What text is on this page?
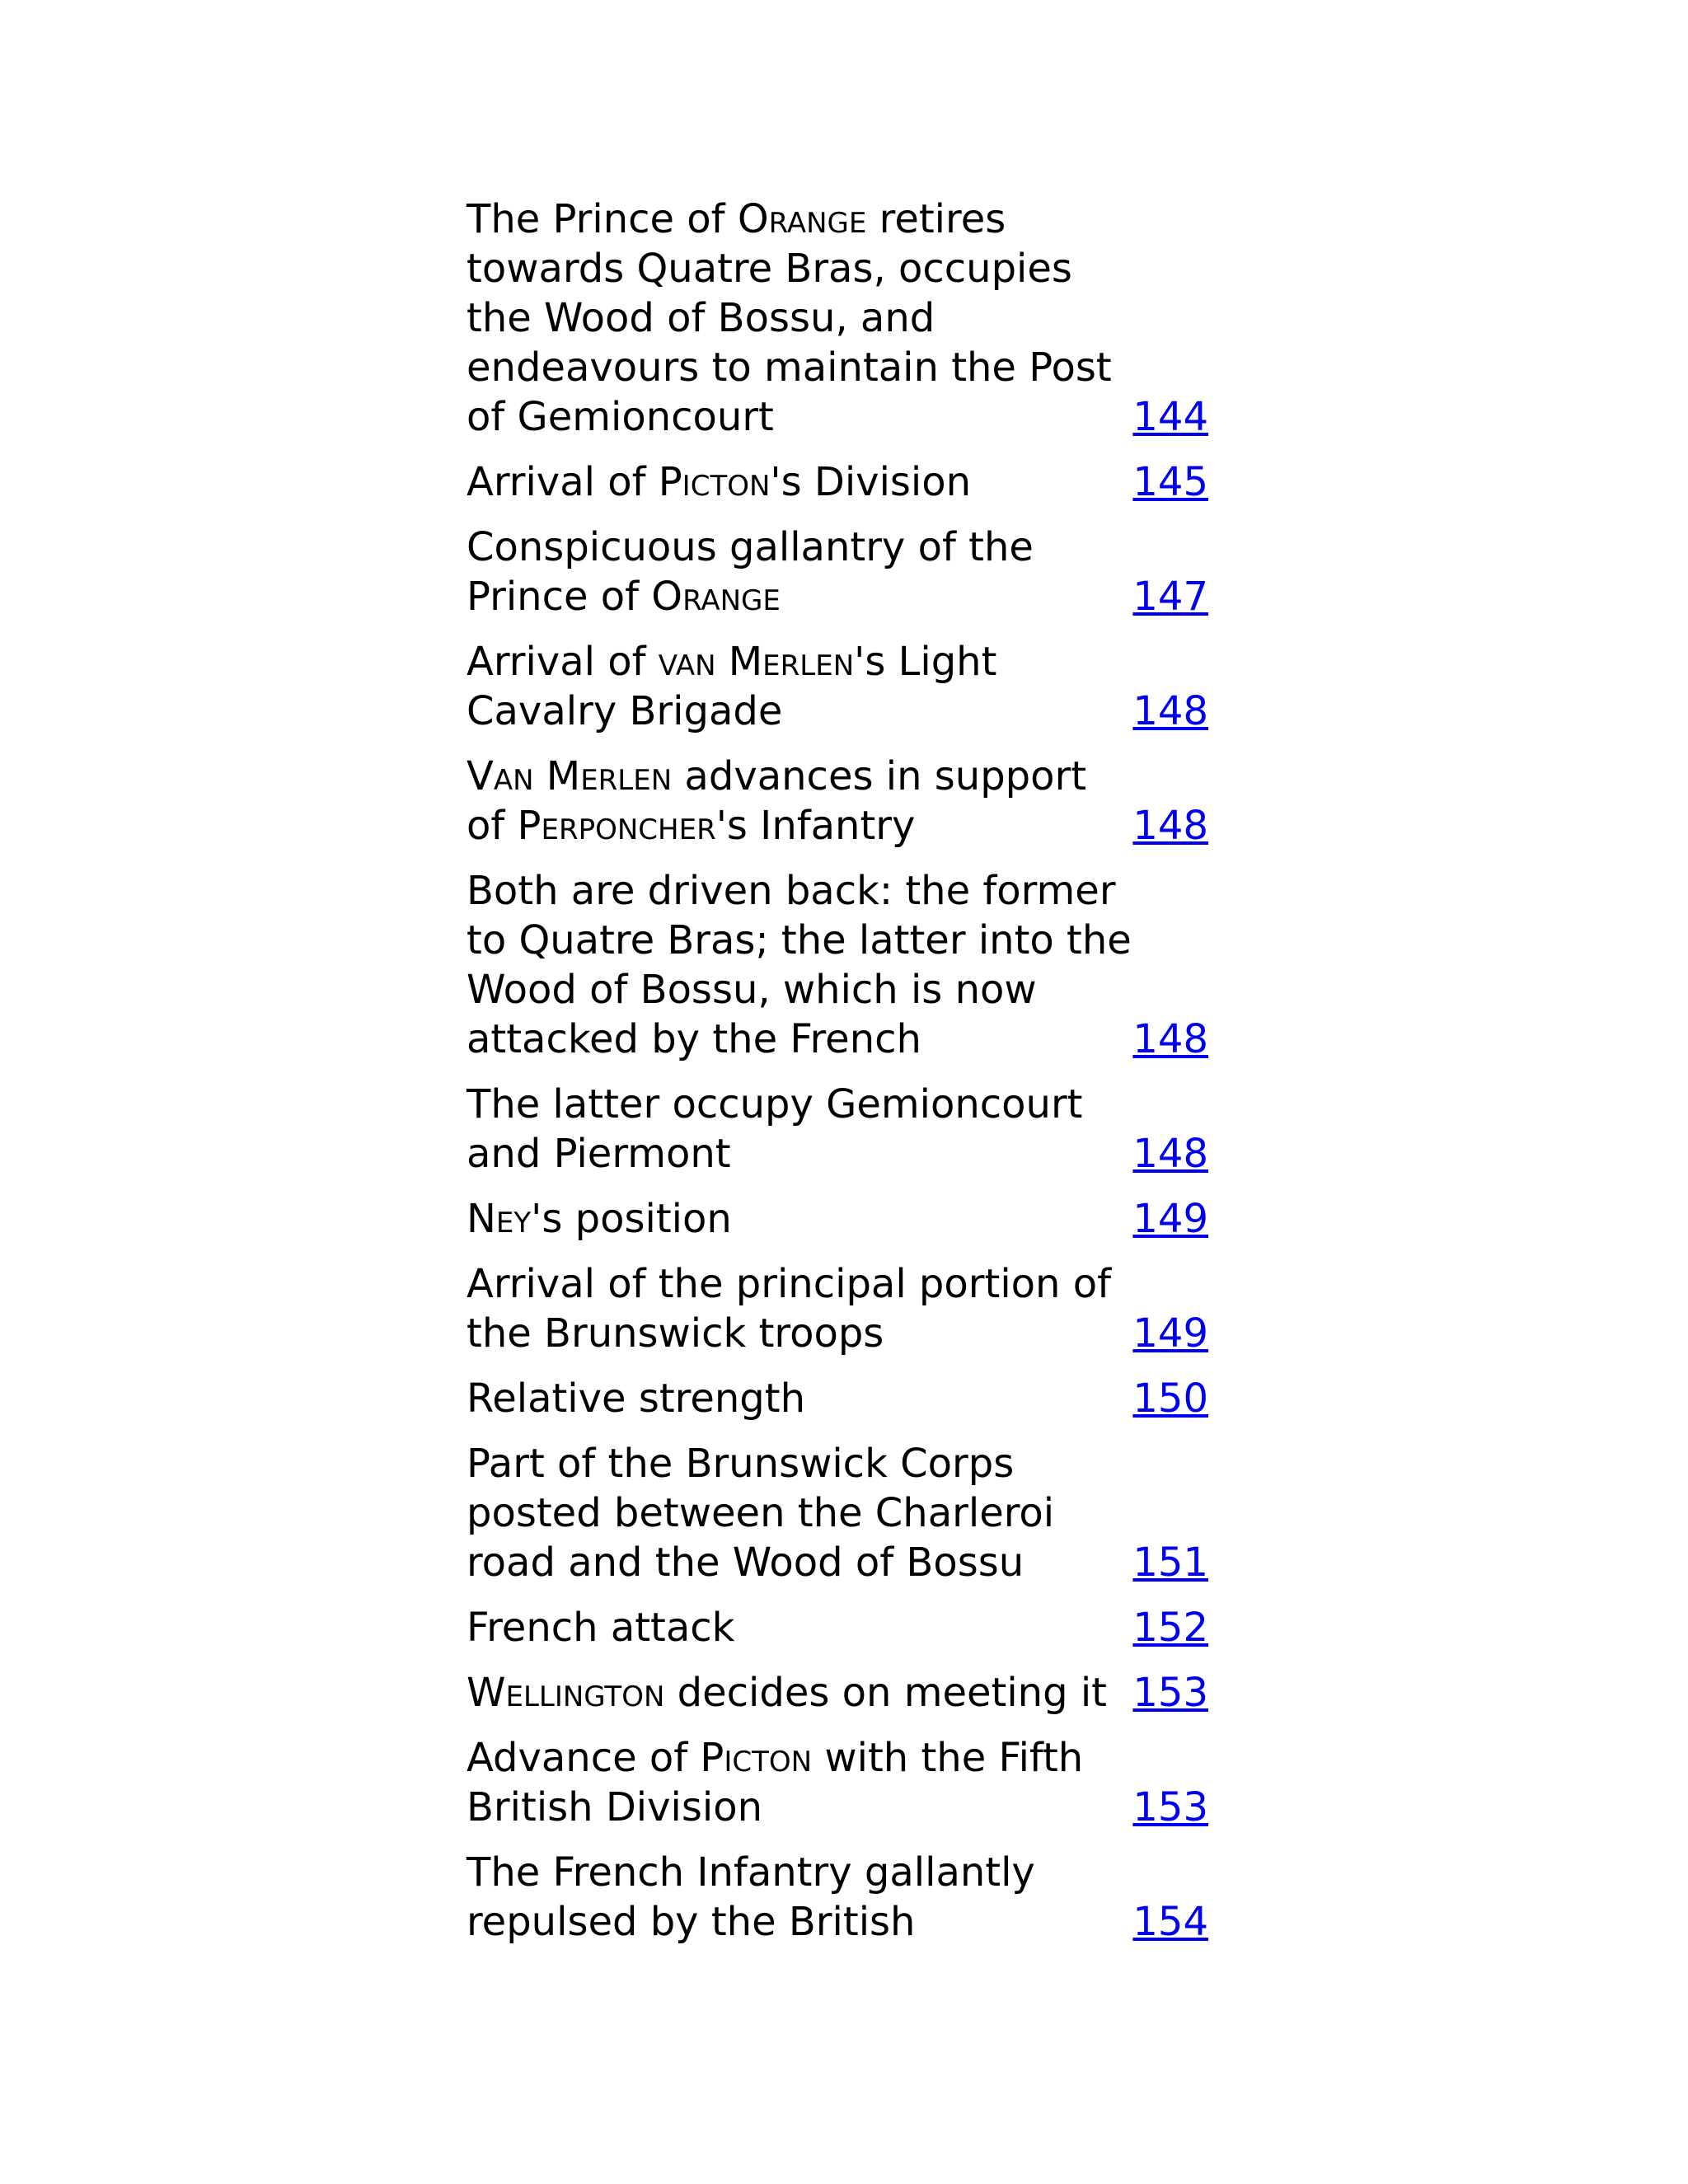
The Prince of Orange retires towards Quatre Bras, occupies the Wood of Bossu, and endeavours to maintain the Post of Gemioncourt	144
Arrival of Picton's Division	145
Conspicuous gallantry of the Prince of Orange	147
Arrival of van Merlen's Light Cavalry Brigade	148
Van Merlen advances in support of Perponcher's Infantry	148
Both are driven back: the former to Quatre Bras; the latter into the Wood of Bossu, which is now attacked by the French	148
The latter occupy Gemioncourt and Piermont	148
Ney's position	149
Arrival of the principal portion of the Brunswick troops	149
Relative strength	150
Part of the Brunswick Corps posted between the Charleroi road and the Wood of Bossu	151
French attack	152
Wellington decides on meeting it	153
Advance of Picton with the Fifth British Division	153
The French Infantry gallantly repulsed by the British	154
